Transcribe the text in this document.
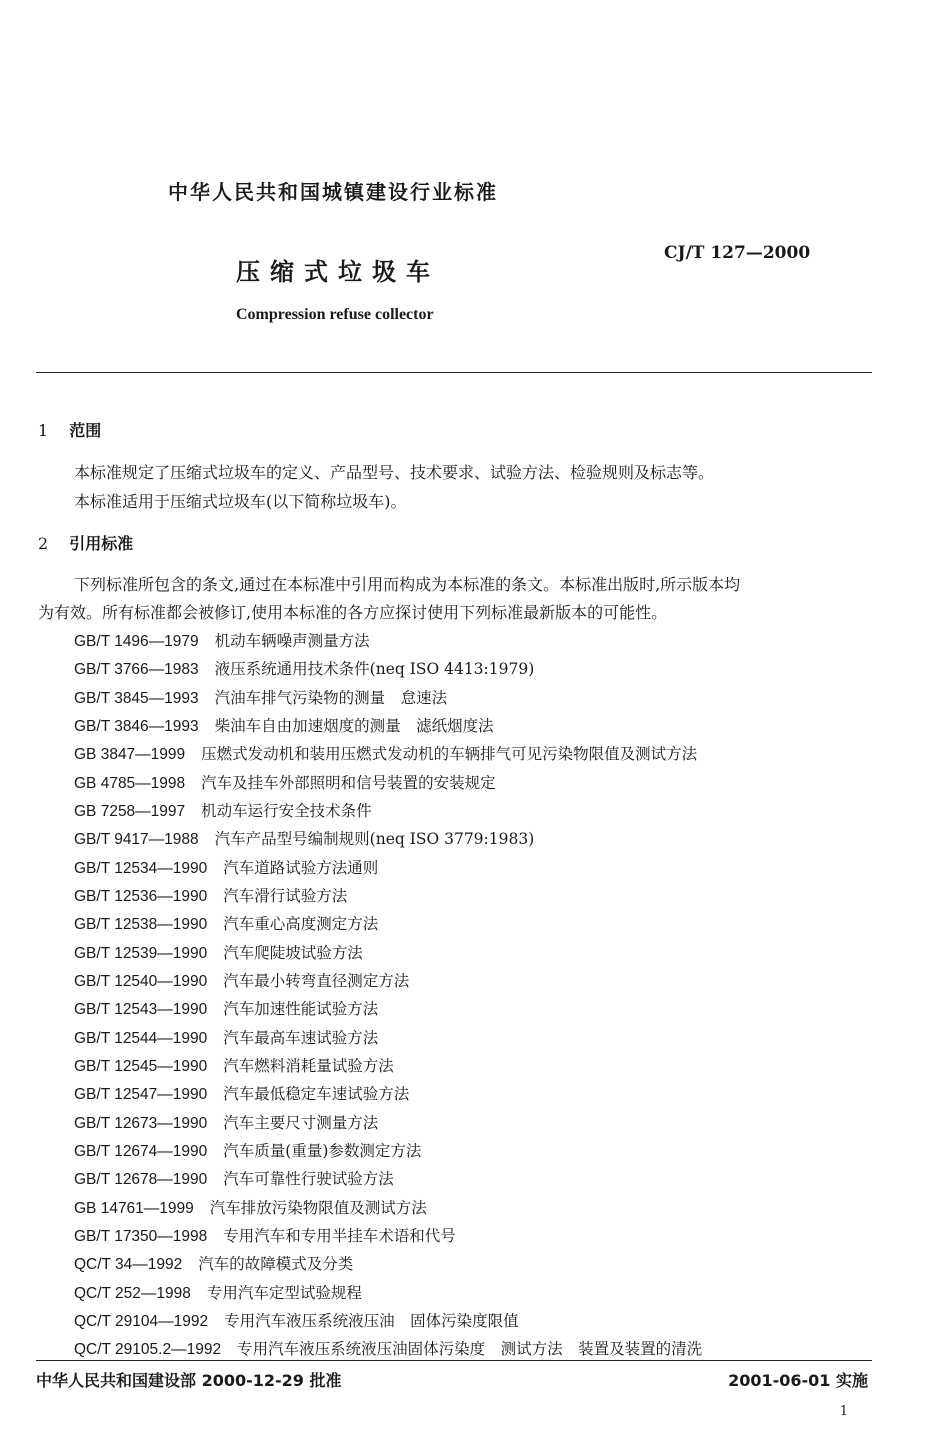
中华人民共和国城镇建设行业标准
压缩式垃圾车
CJ/T 127—2000
Compression refuse collector
1 范围
本标准规定了压缩式垃圾车的定义、产品型号、技术要求、试验方法、检验规则及标志等。
本标准适用于压缩式垃圾车(以下简称垃圾车)。
2 引用标准
下列标准所包含的条文,通过在本标准中引用而构成为本标准的条文。本标准出版时,所示版本均
为有效。所有标准都会被修订,使用本标准的各方应探讨使用下列标准最新版本的可能性。
GB/T 1496—1979 机动车辆噪声测量方法
GB/T 3766—1983 液压系统通用技术条件(neq ISO 4413:1979)
GB/T 3845—1993 汽油车排气污染物的测量　怠速法
GB/T 3846—1993 柴油车自由加速烟度的测量　滤纸烟度法
GB 3847—1999 压燃式发动机和装用压燃式发动机的车辆排气可见污染物限值及测试方法
GB 4785—1998 汽车及挂车外部照明和信号装置的安装规定
GB 7258—1997 机动车运行安全技术条件
GB/T 9417—1988 汽车产品型号编制规则(neq ISO 3779:1983)
GB/T 12534—1990 汽车道路试验方法通则
GB/T 12536—1990 汽车滑行试验方法
GB/T 12538—1990 汽车重心高度测定方法
GB/T 12539—1990 汽车爬陡坡试验方法
GB/T 12540—1990 汽车最小转弯直径测定方法
GB/T 12543—1990 汽车加速性能试验方法
GB/T 12544—1990 汽车最高车速试验方法
GB/T 12545—1990 汽车燃料消耗量试验方法
GB/T 12547—1990 汽车最低稳定车速试验方法
GB/T 12673—1990 汽车主要尺寸测量方法
GB/T 12674—1990 汽车质量(重量)参数测定方法
GB/T 12678—1990 汽车可靠性行驶试验方法
GB 14761—1999 汽车排放污染物限值及测试方法
GB/T 17350—1998 专用汽车和专用半挂车术语和代号
QC/T 34—1992 汽车的故障模式及分类
QC/T 252—1998 专用汽车定型试验规程
QC/T 29104—1992 专用汽车液压系统液压油　固体污染度限值
QC/T 29105.2—1992 专用汽车液压系统液压油固体污染度　测试方法　装置及装置的清洗
中华人民共和国建设部 2000-12-29 批准	2001-06-01 实施
1
